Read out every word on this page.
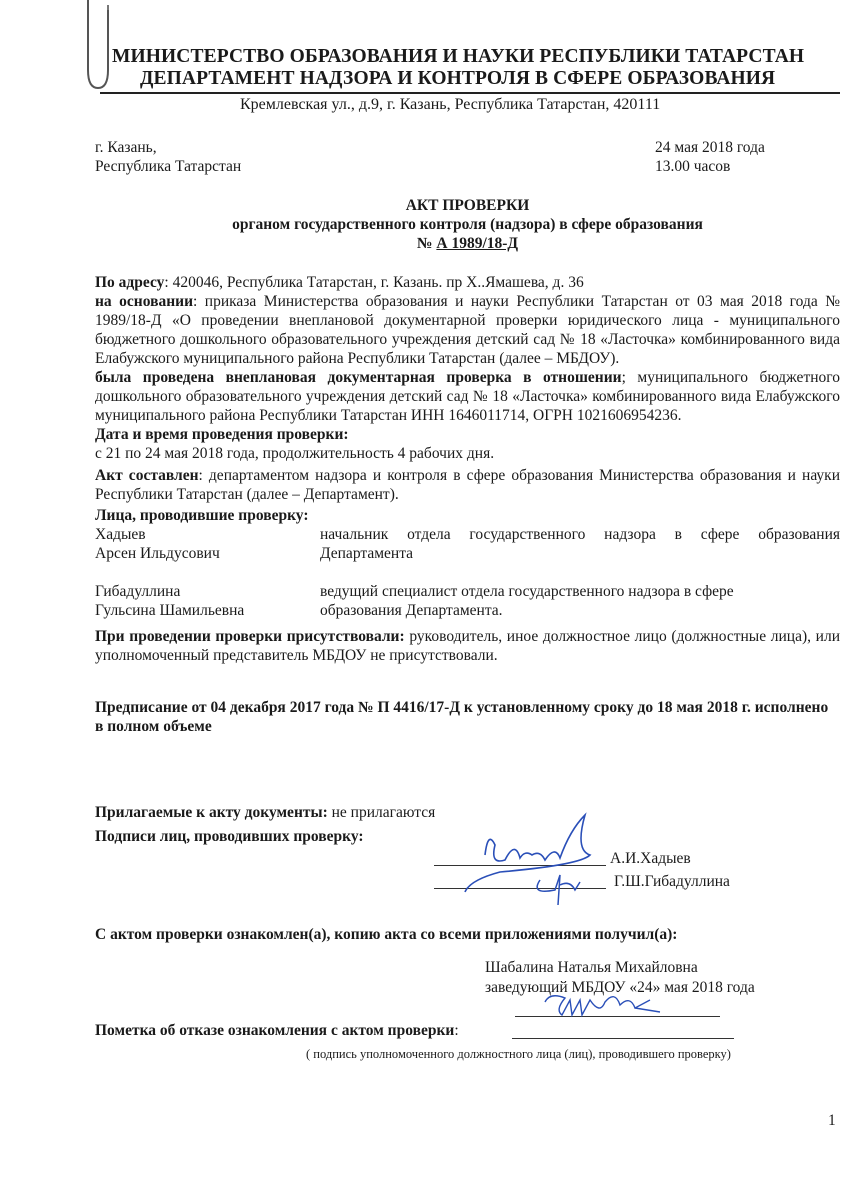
МИНИСТЕРСТВО ОБРАЗОВАНИЯ И НАУКИ РЕСПУБЛИКИ ТАТАРСТАН
ДЕПАРТАМЕНТ НАДЗОРА И КОНТРОЛЯ В СФЕРЕ ОБРАЗОВАНИЯ
Кремлевская ул., д.9, г. Казань, Республика Татарстан, 420111
г. Казань,
Республика Татарстан
24 мая 2018 года
13.00 часов
АКТ ПРОВЕРКИ
органом государственного контроля (надзора) в сфере образования
№ А 1989/18-Д

По адресу: 420046, Республика Татарстан, г. Казань. пр Х..Ямашева, д. 36

на основании: приказа Министерства образования и науки Республики Татарстан от 03 мая 2018 года № 1989/18-Д «О проведении внеплановой документарной проверки юридического лица - муниципального бюджетного дошкольного образовательного учреждения детский сад № 18 «Ласточка» комбинированного вида Елабужского муниципального района Республики Татарстан (далее – МБДОУ).

была проведена внеплановая документарная проверка в отношении; муниципального бюджетного дошкольного образовательного учреждения детский сад № 18 «Ласточка» комбинированного вида Елабужского муниципального района Республики Татарстан ИНН 1646011714, ОГРН 1021606954236.

Дата и время проведения проверки:

с 21 по 24 мая 2018 года, продолжительность 4 рабочих дня.

Акт составлен: департаментом надзора и контроля в сфере образования Министерства образования и науки Республики Татарстан (далее – Департамент).

Лица, проводившие проверку:

Хадыев
Арсен Ильдусович
начальник отдела государственного надзора в сфере образования
Департамента
Гибадуллина
Гульсина Шамильевна
ведущий специалист отдела государственного надзора в сфере
образования Департамента.

При проведении проверки присутствовали: руководитель, иное должностное лицо (должностные лица), или уполномоченный представитель МБДОУ не присутствовали.

Предписание от 04 декабря 2017 года № П 4416/17-Д к установленному сроку до 18 мая 2018 г. исполнено в полном объеме

Прилагаемые к акту документы: не прилагаются
Подписи лиц, проводивших проверку:
А.И.Хадыев
Г.Ш.Гибадуллина
С актом проверки ознакомлен(а), копию акта со всеми приложениями получил(а):
Шабалина Наталья Михайловна
заведующий МБДОУ «24» мая 2018 года
Пометка об отказе ознакомления с актом проверки:
( подпись уполномоченного должностного лица (лиц), проводившего проверку)
1
